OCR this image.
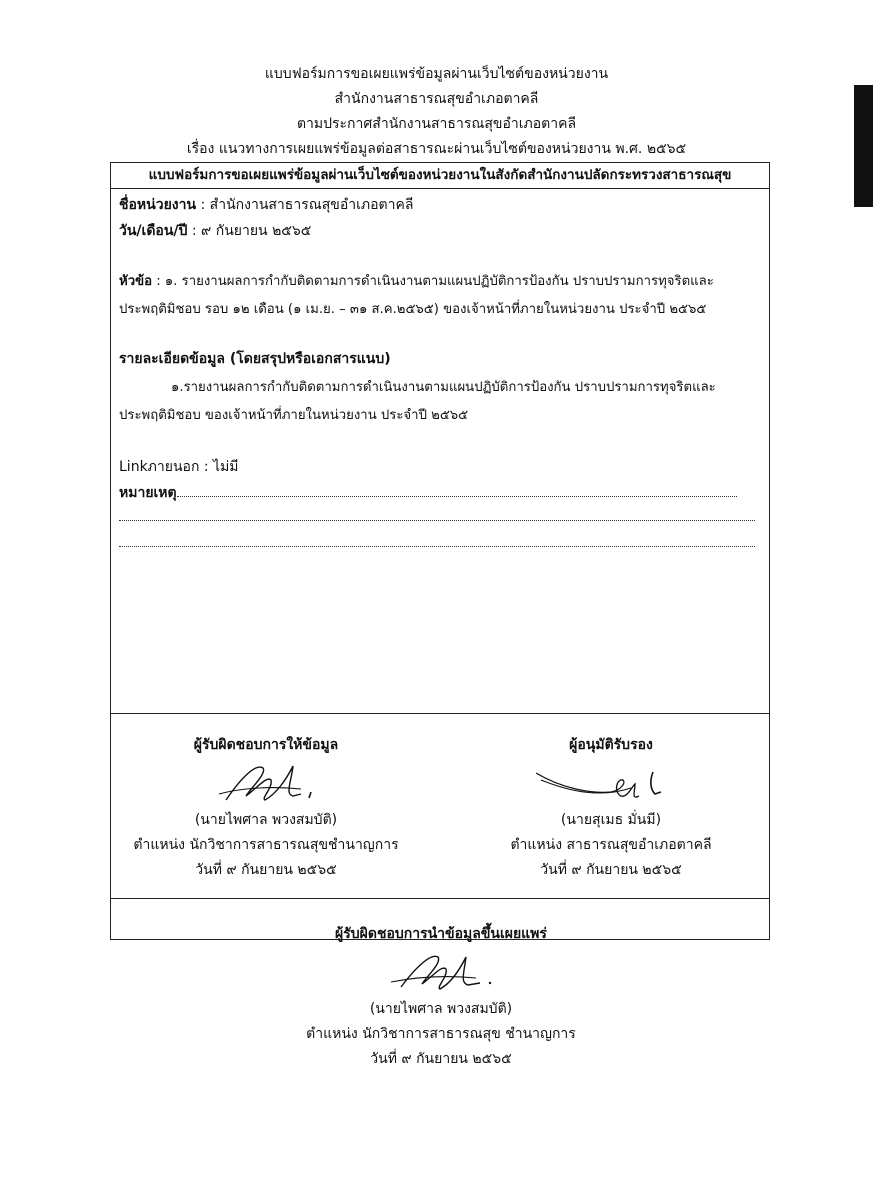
แบบฟอร์มการขอเผยแพร่ข้อมูลผ่านเว็บไซต์ของหน่วยงาน
สำนักงานสาธารณสุขอำเภอตาคลี
ตามประกาศสำนักงานสาธารณสุขอำเภอตาคลี
เรื่อง แนวทางการเผยแพร่ข้อมูลต่อสาธารณะผ่านเว็บไซต์ของหน่วยงาน พ.ศ. ๒๕๖๕
แบบฟอร์มการขอเผยแพร่ข้อมูลผ่านเว็บไซต์ของหน่วยงานในสังกัดสำนักงานปลัดกระทรวงสาธารณสุข
ชื่อหน่วยงาน : สำนักงานสาธารณสุขอำเภอตาคลี
วัน/เดือน/ปี : ๙ กันยายน ๒๕๖๕
หัวข้อ : ๑. รายงานผลการกำกับติดตามการดำเนินงานตามแผนปฏิบัติการป้องกัน ปราบปรามการทุจริตและ
ประพฤติมิชอบ รอบ ๑๒ เดือน (๑ เม.ย. – ๓๑ ส.ค.๒๕๖๕) ของเจ้าหน้าที่ภายในหน่วยงาน ประจำปี ๒๕๖๕
รายละเอียดข้อมูล (โดยสรุปหรือเอกสารแนบ)
๑.รายงานผลการกำกับติดตามการดำเนินงานตามแผนปฏิบัติการป้องกัน ปราบปรามการทุจริตและ
ประพฤติมิชอบ ของเจ้าหน้าที่ภายในหน่วยงาน ประจำปี ๒๕๖๕
Linkภายนอก : ไม่มี
หมายเหตุ
ผู้รับผิดชอบการให้ข้อมูล
(นายไพศาล พวงสมบัติ)
ตำแหน่ง นักวิชาการสาธารณสุขชำนาญการ
วันที่ ๙ กันยายน ๒๕๖๕
ผู้อนุมัติรับรอง
(นายสุเมธ มั่นมี)
ตำแหน่ง สาธารณสุขอำเภอตาคลี
วันที่ ๙ กันยายน ๒๕๖๕
ผู้รับผิดชอบการนำข้อมูลขึ้นเผยแพร่
(นายไพศาล พวงสมบัติ)
ตำแหน่ง นักวิชาการสาธารณสุข ชำนาญการ
วันที่ ๙ กันยายน ๒๕๖๕
